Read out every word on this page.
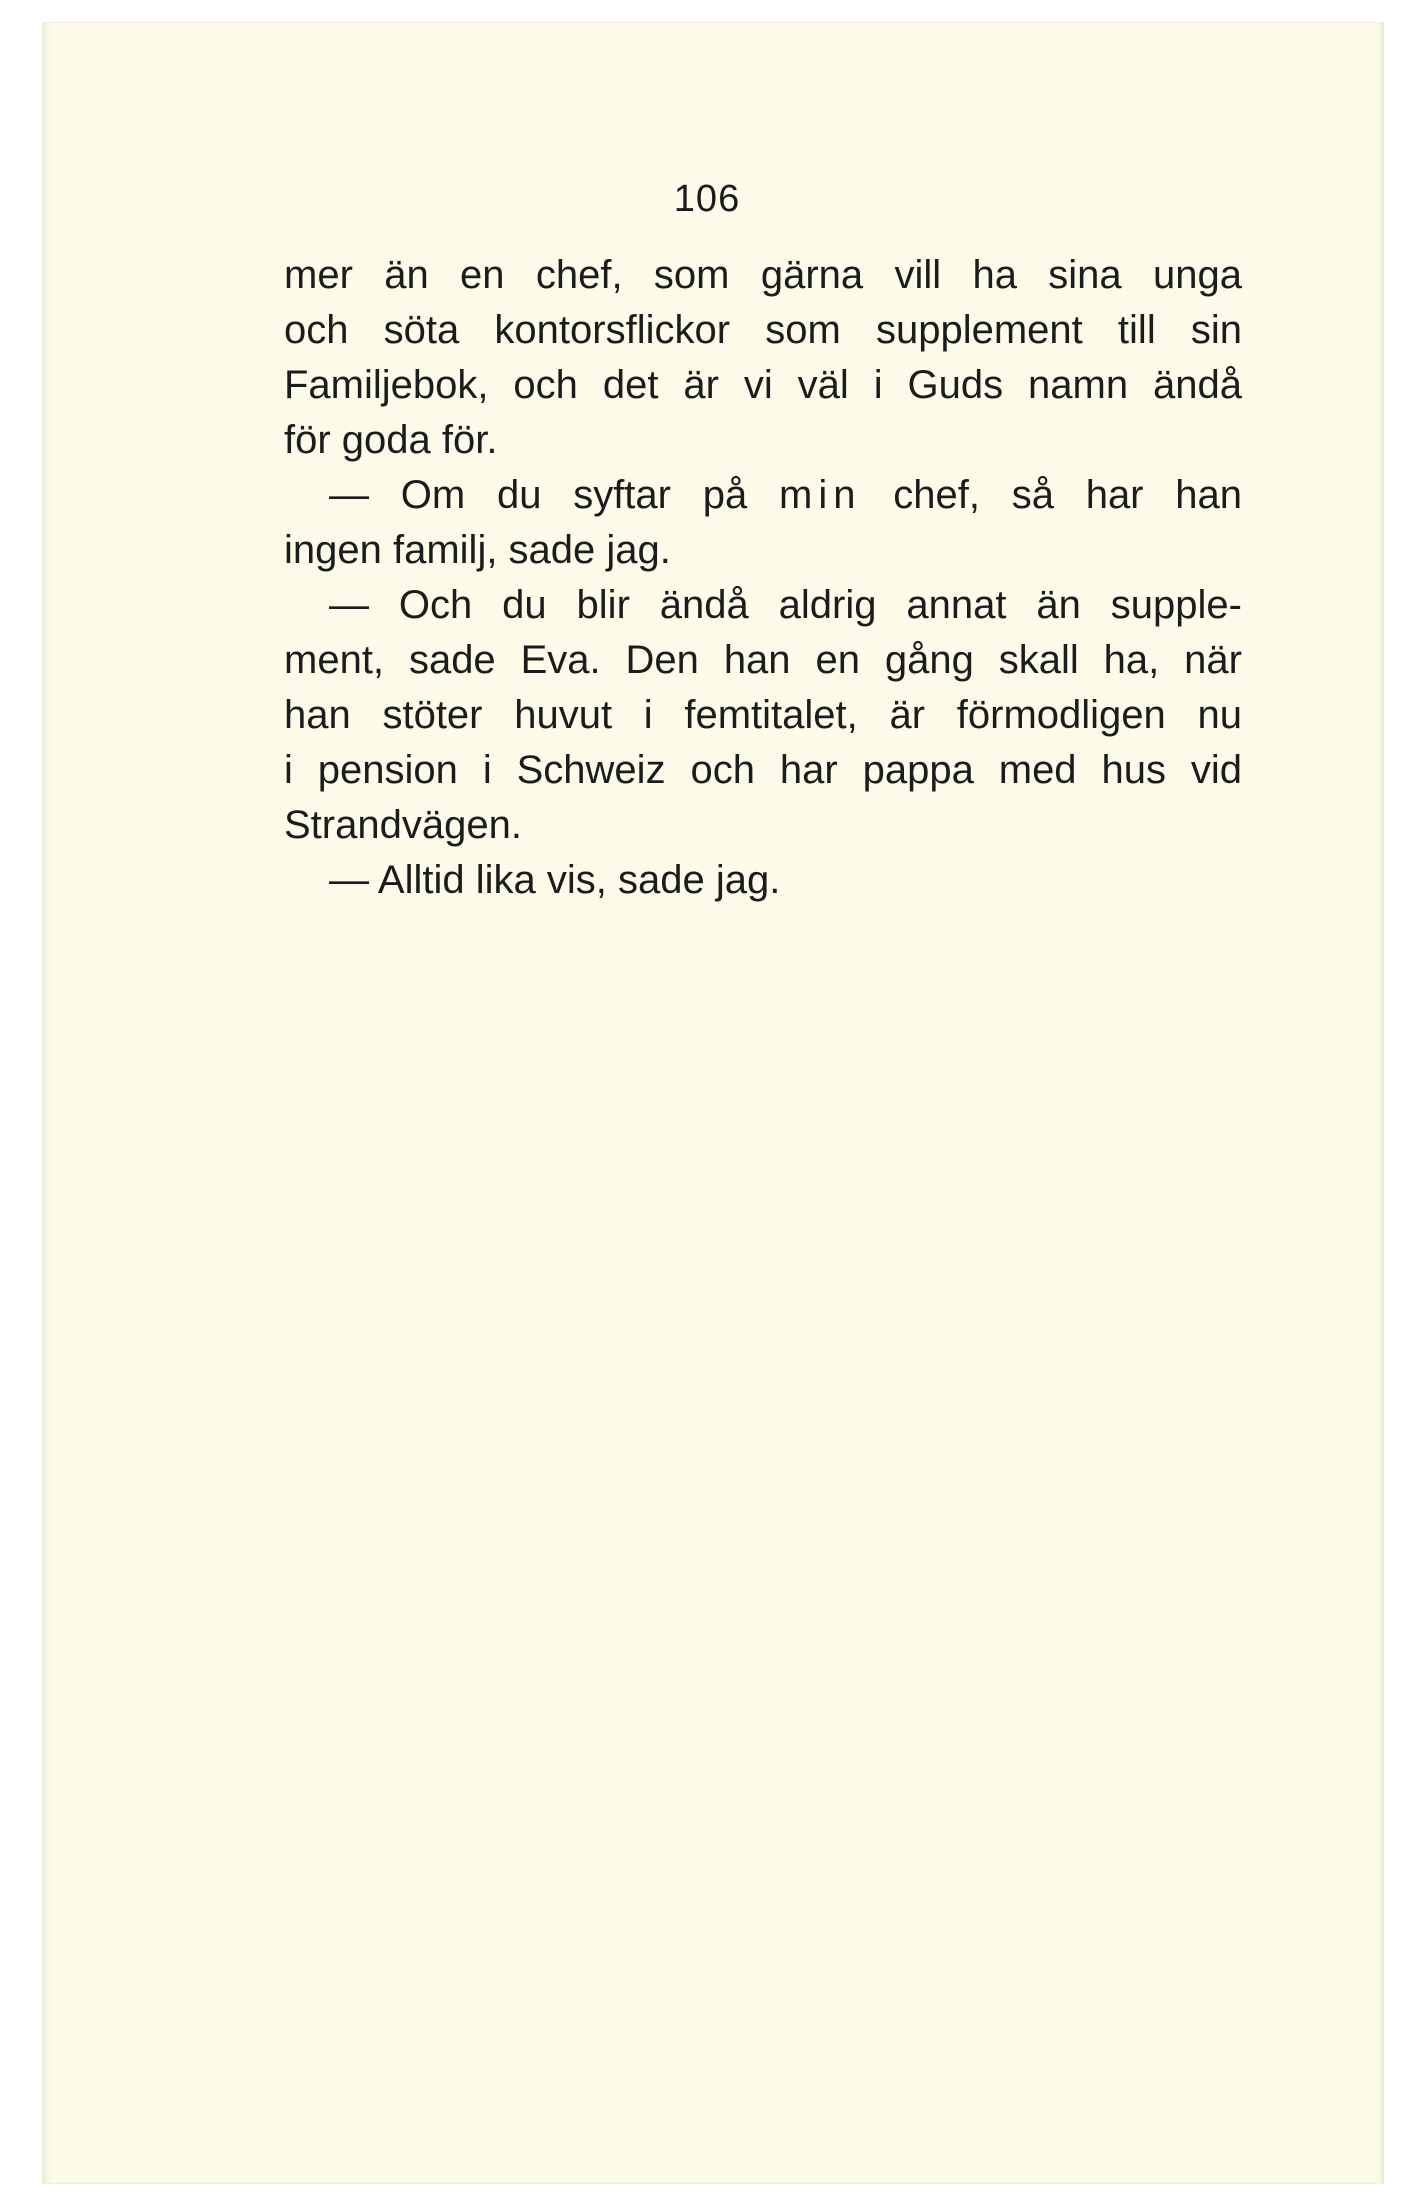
106
mer än en chef, som gärna vill ha sina unga
och söta kontorsflickor som supplement till sin
Familjebok, och det är vi väl i Guds namn ändå
för goda för.
— Om du syftar på min chef, så har han
ingen familj, sade jag.
— Och du blir ändå aldrig annat än supple-
ment, sade Eva. Den han en gång skall ha, när
han stöter huvut i femtitalet, är förmodligen nu
i pension i Schweiz och har pappa med hus vid
Strandvägen.
— Alltid lika vis, sade jag.
